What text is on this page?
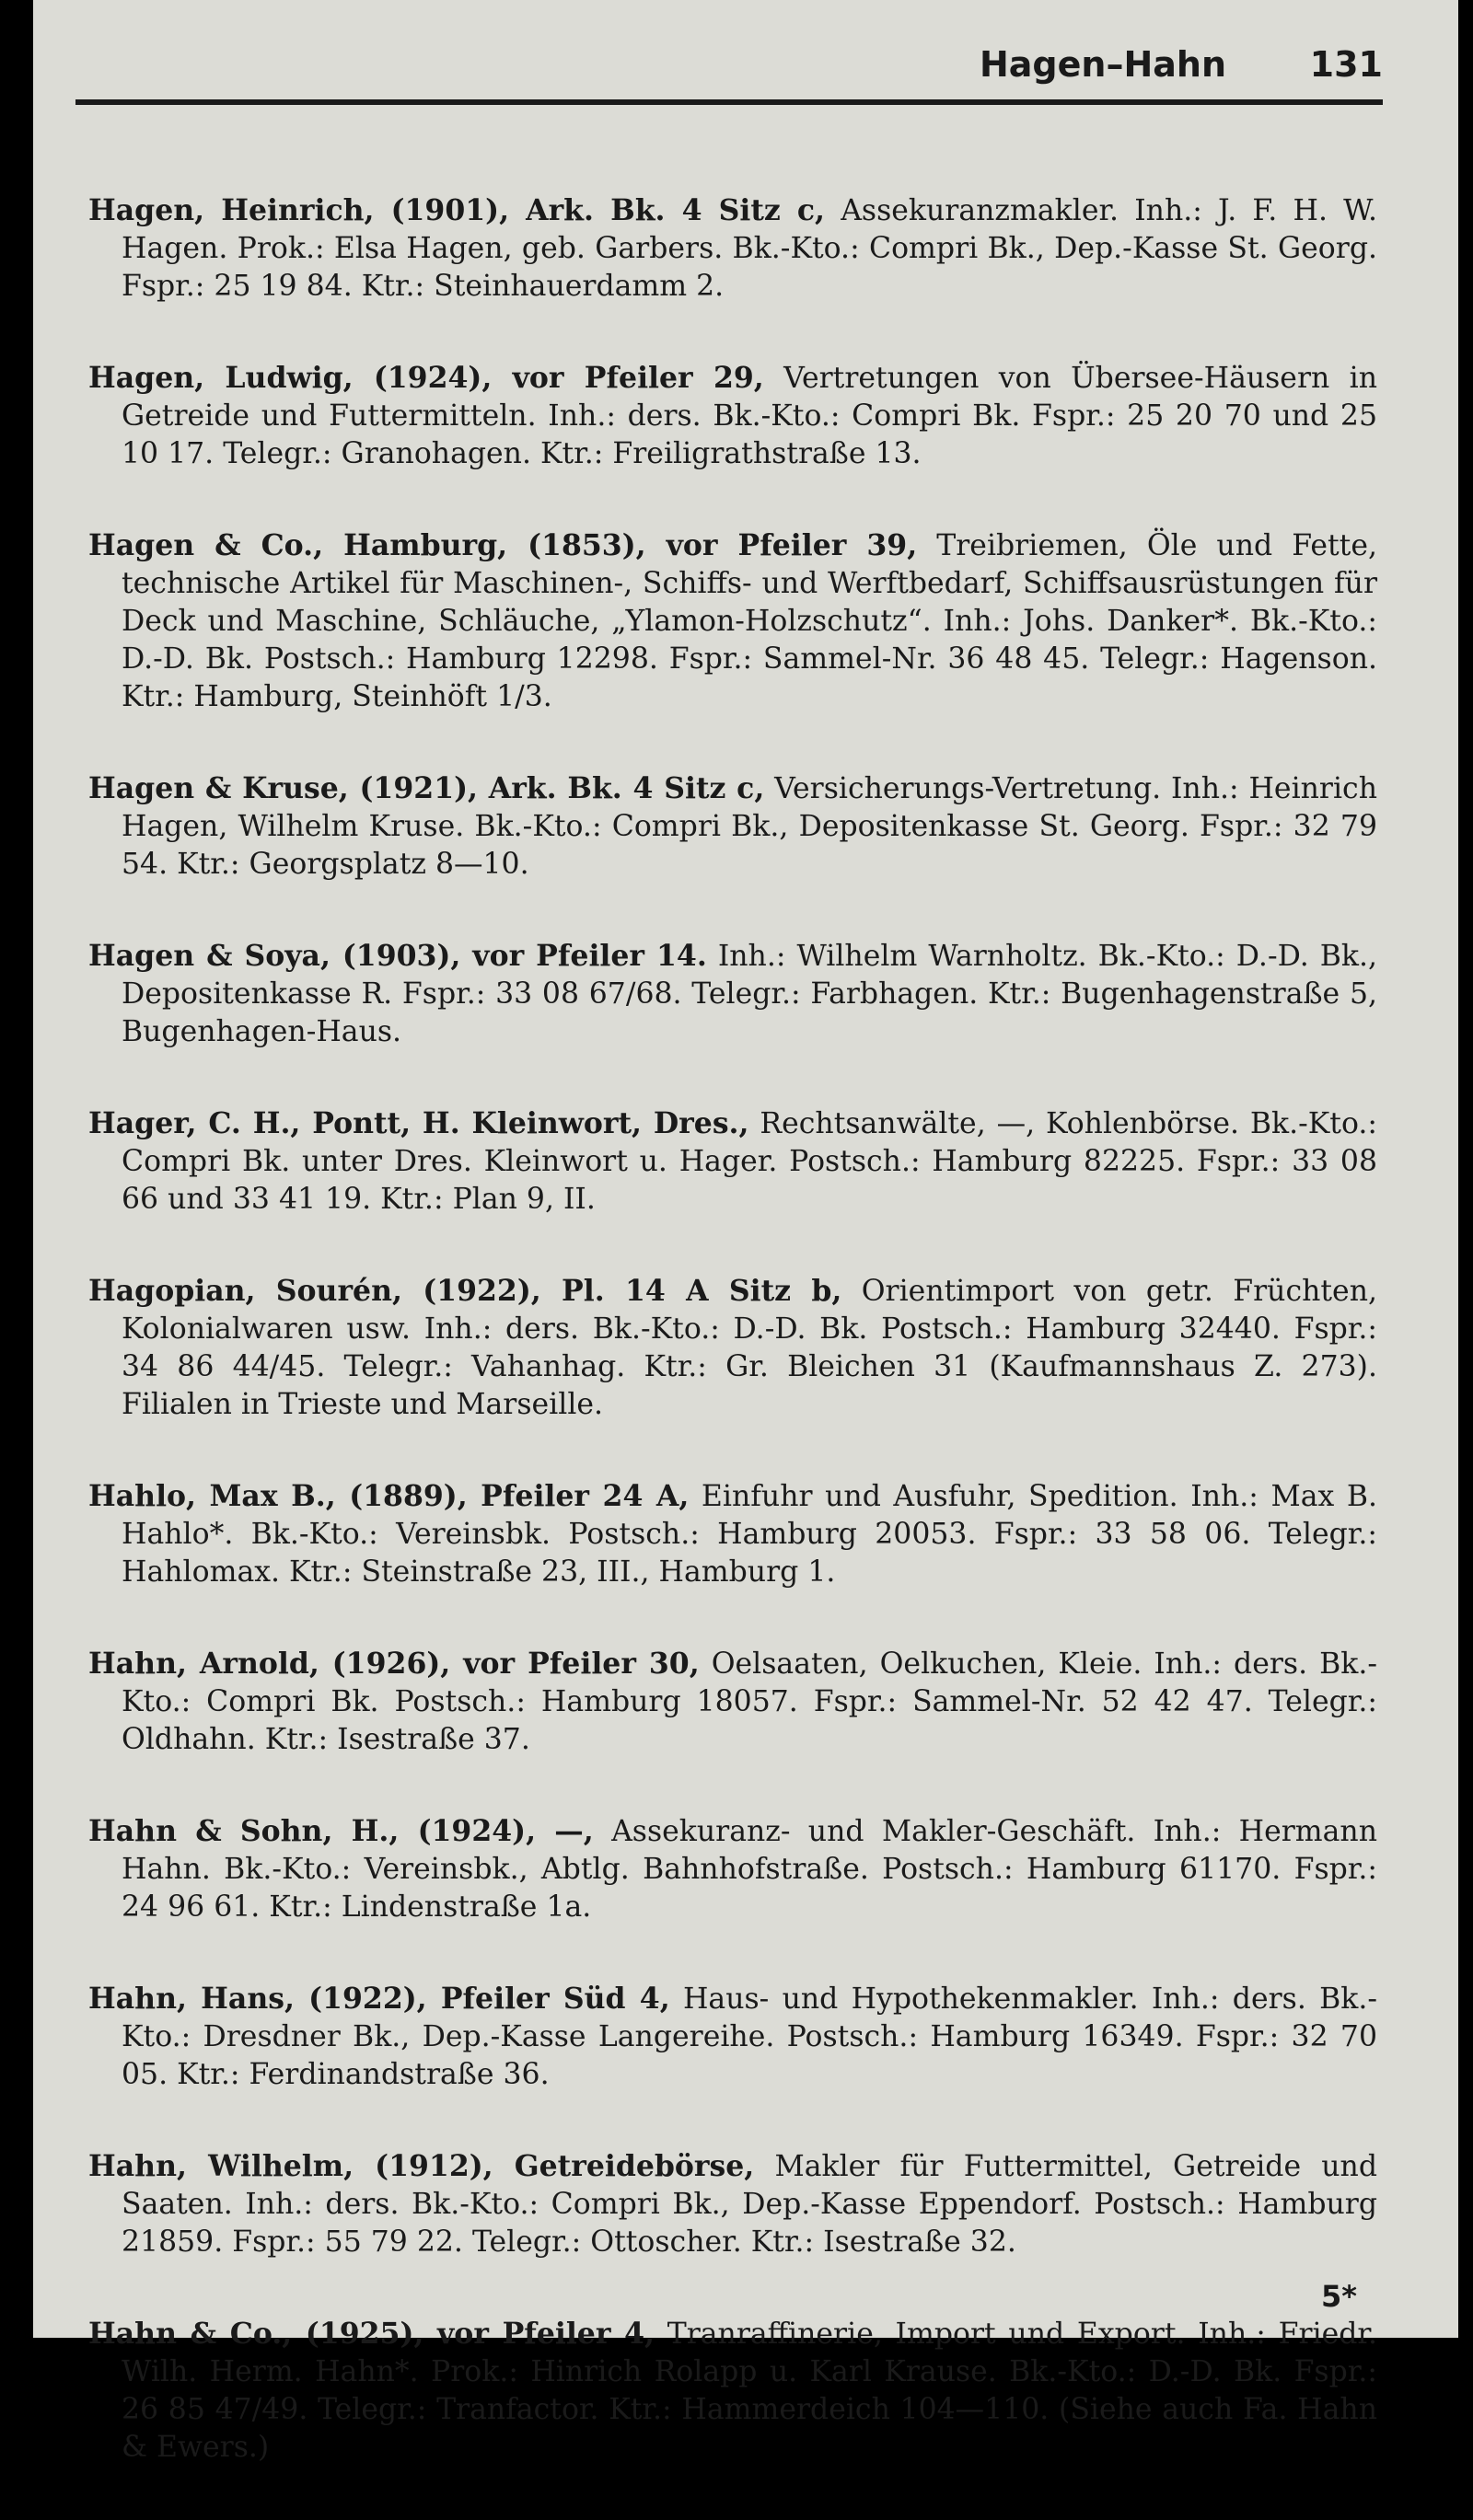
Hagen–Hahn 131

Hagen, Heinrich, (1901), Ark. Bk. 4 Sitz c, Assekuranzmakler. Inh.: J. F. H. W. Hagen. Prok.: Elsa Hagen, geb. Garbers. Bk.-Kto.: Compri Bk., Dep.-Kasse St. Georg. Fspr.: 25 19 84. Ktr.: Steinhauerdamm 2.

Hagen, Ludwig, (1924), vor Pfeiler 29, Vertretungen von Übersee-Häusern in Getreide und Futtermitteln. Inh.: ders. Bk.-Kto.: Compri Bk. Fspr.: 25 20 70 und 25 10 17. Telegr.: Granohagen. Ktr.: Freiligrathstraße 13.

Hagen & Co., Hamburg, (1853), vor Pfeiler 39, Treibriemen, Öle und Fette, technische Artikel für Maschinen-, Schiffs- und Werftbedarf, Schiffsausrüstungen für Deck und Maschine, Schläuche, „Ylamon-Holzschutz“. Inh.: Johs. Danker*. Bk.-Kto.: D.-D. Bk. Postsch.: Hamburg 12298. Fspr.: Sammel-Nr. 36 48 45. Telegr.: Hagenson. Ktr.: Hamburg, Steinhöft 1/3.

Hagen & Kruse, (1921), Ark. Bk. 4 Sitz c, Versicherungs-Vertretung. Inh.: Heinrich Hagen, Wilhelm Kruse. Bk.-Kto.: Compri Bk., Depositenkasse St. Georg. Fspr.: 32 79 54. Ktr.: Georgsplatz 8—10.

Hagen & Soya, (1903), vor Pfeiler 14. Inh.: Wilhelm Warnholtz. Bk.-Kto.: D.-D. Bk., Depositenkasse R. Fspr.: 33 08 67/68. Telegr.: Farbhagen. Ktr.: Bugenhagenstraße 5, Bugenhagen-Haus.

Hager, C. H., Pontt, H. Kleinwort, Dres., Rechtsanwälte, —, Kohlenbörse. Bk.-Kto.: Compri Bk. unter Dres. Kleinwort u. Hager. Postsch.: Hamburg 82225. Fspr.: 33 08 66 und 33 41 19. Ktr.: Plan 9, II.

Hagopian, Sourén, (1922), Pl. 14 A Sitz b, Orientimport von getr. Früchten, Kolonialwaren usw. Inh.: ders. Bk.-Kto.: D.-D. Bk. Postsch.: Hamburg 32440. Fspr.: 34 86 44/45. Telegr.: Vahanhag. Ktr.: Gr. Bleichen 31 (Kaufmannshaus Z. 273). Filialen in Trieste und Marseille.

Hahlo, Max B., (1889), Pfeiler 24 A, Einfuhr und Ausfuhr, Spedition. Inh.: Max B. Hahlo*. Bk.-Kto.: Vereinsbk. Postsch.: Hamburg 20053. Fspr.: 33 58 06. Telegr.: Hahlomax. Ktr.: Steinstraße 23, III., Hamburg 1.

Hahn, Arnold, (1926), vor Pfeiler 30, Oelsaaten, Oelkuchen, Kleie. Inh.: ders. Bk.-Kto.: Compri Bk. Postsch.: Hamburg 18057. Fspr.: Sammel-Nr. 52 42 47. Telegr.: Oldhahn. Ktr.: Isestraße 37.

Hahn & Sohn, H., (1924), —, Assekuranz- und Makler-Geschäft. Inh.: Hermann Hahn. Bk.-Kto.: Vereinsbk., Abtlg. Bahnhofstraße. Postsch.: Hamburg 61170. Fspr.: 24 96 61. Ktr.: Lindenstraße 1a.

Hahn, Hans, (1922), Pfeiler Süd 4, Haus- und Hypothekenmakler. Inh.: ders. Bk.-Kto.: Dresdner Bk., Dep.-Kasse Langereihe. Postsch.: Hamburg 16349. Fspr.: 32 70 05. Ktr.: Ferdinandstraße 36.

Hahn, Wilhelm, (1912), Getreidebörse, Makler für Futtermittel, Getreide und Saaten. Inh.: ders. Bk.-Kto.: Compri Bk., Dep.-Kasse Eppendorf. Postsch.: Hamburg 21859. Fspr.: 55 79 22. Telegr.: Ottoscher. Ktr.: Isestraße 32.

Hahn & Co., (1925), vor Pfeiler 4, Tranraffinerie, Import und Export. Inh.: Friedr. Wilh. Herm. Hahn*. Prok.: Hinrich Rolapp u. Karl Krause. Bk.-Kto.: D.-D. Bk. Fspr.: 26 85 47/49. Telegr.: Tranfactor. Ktr.: Hammerdeich 104—110. (Siehe auch Fa. Hahn & Ewers.)

5*
